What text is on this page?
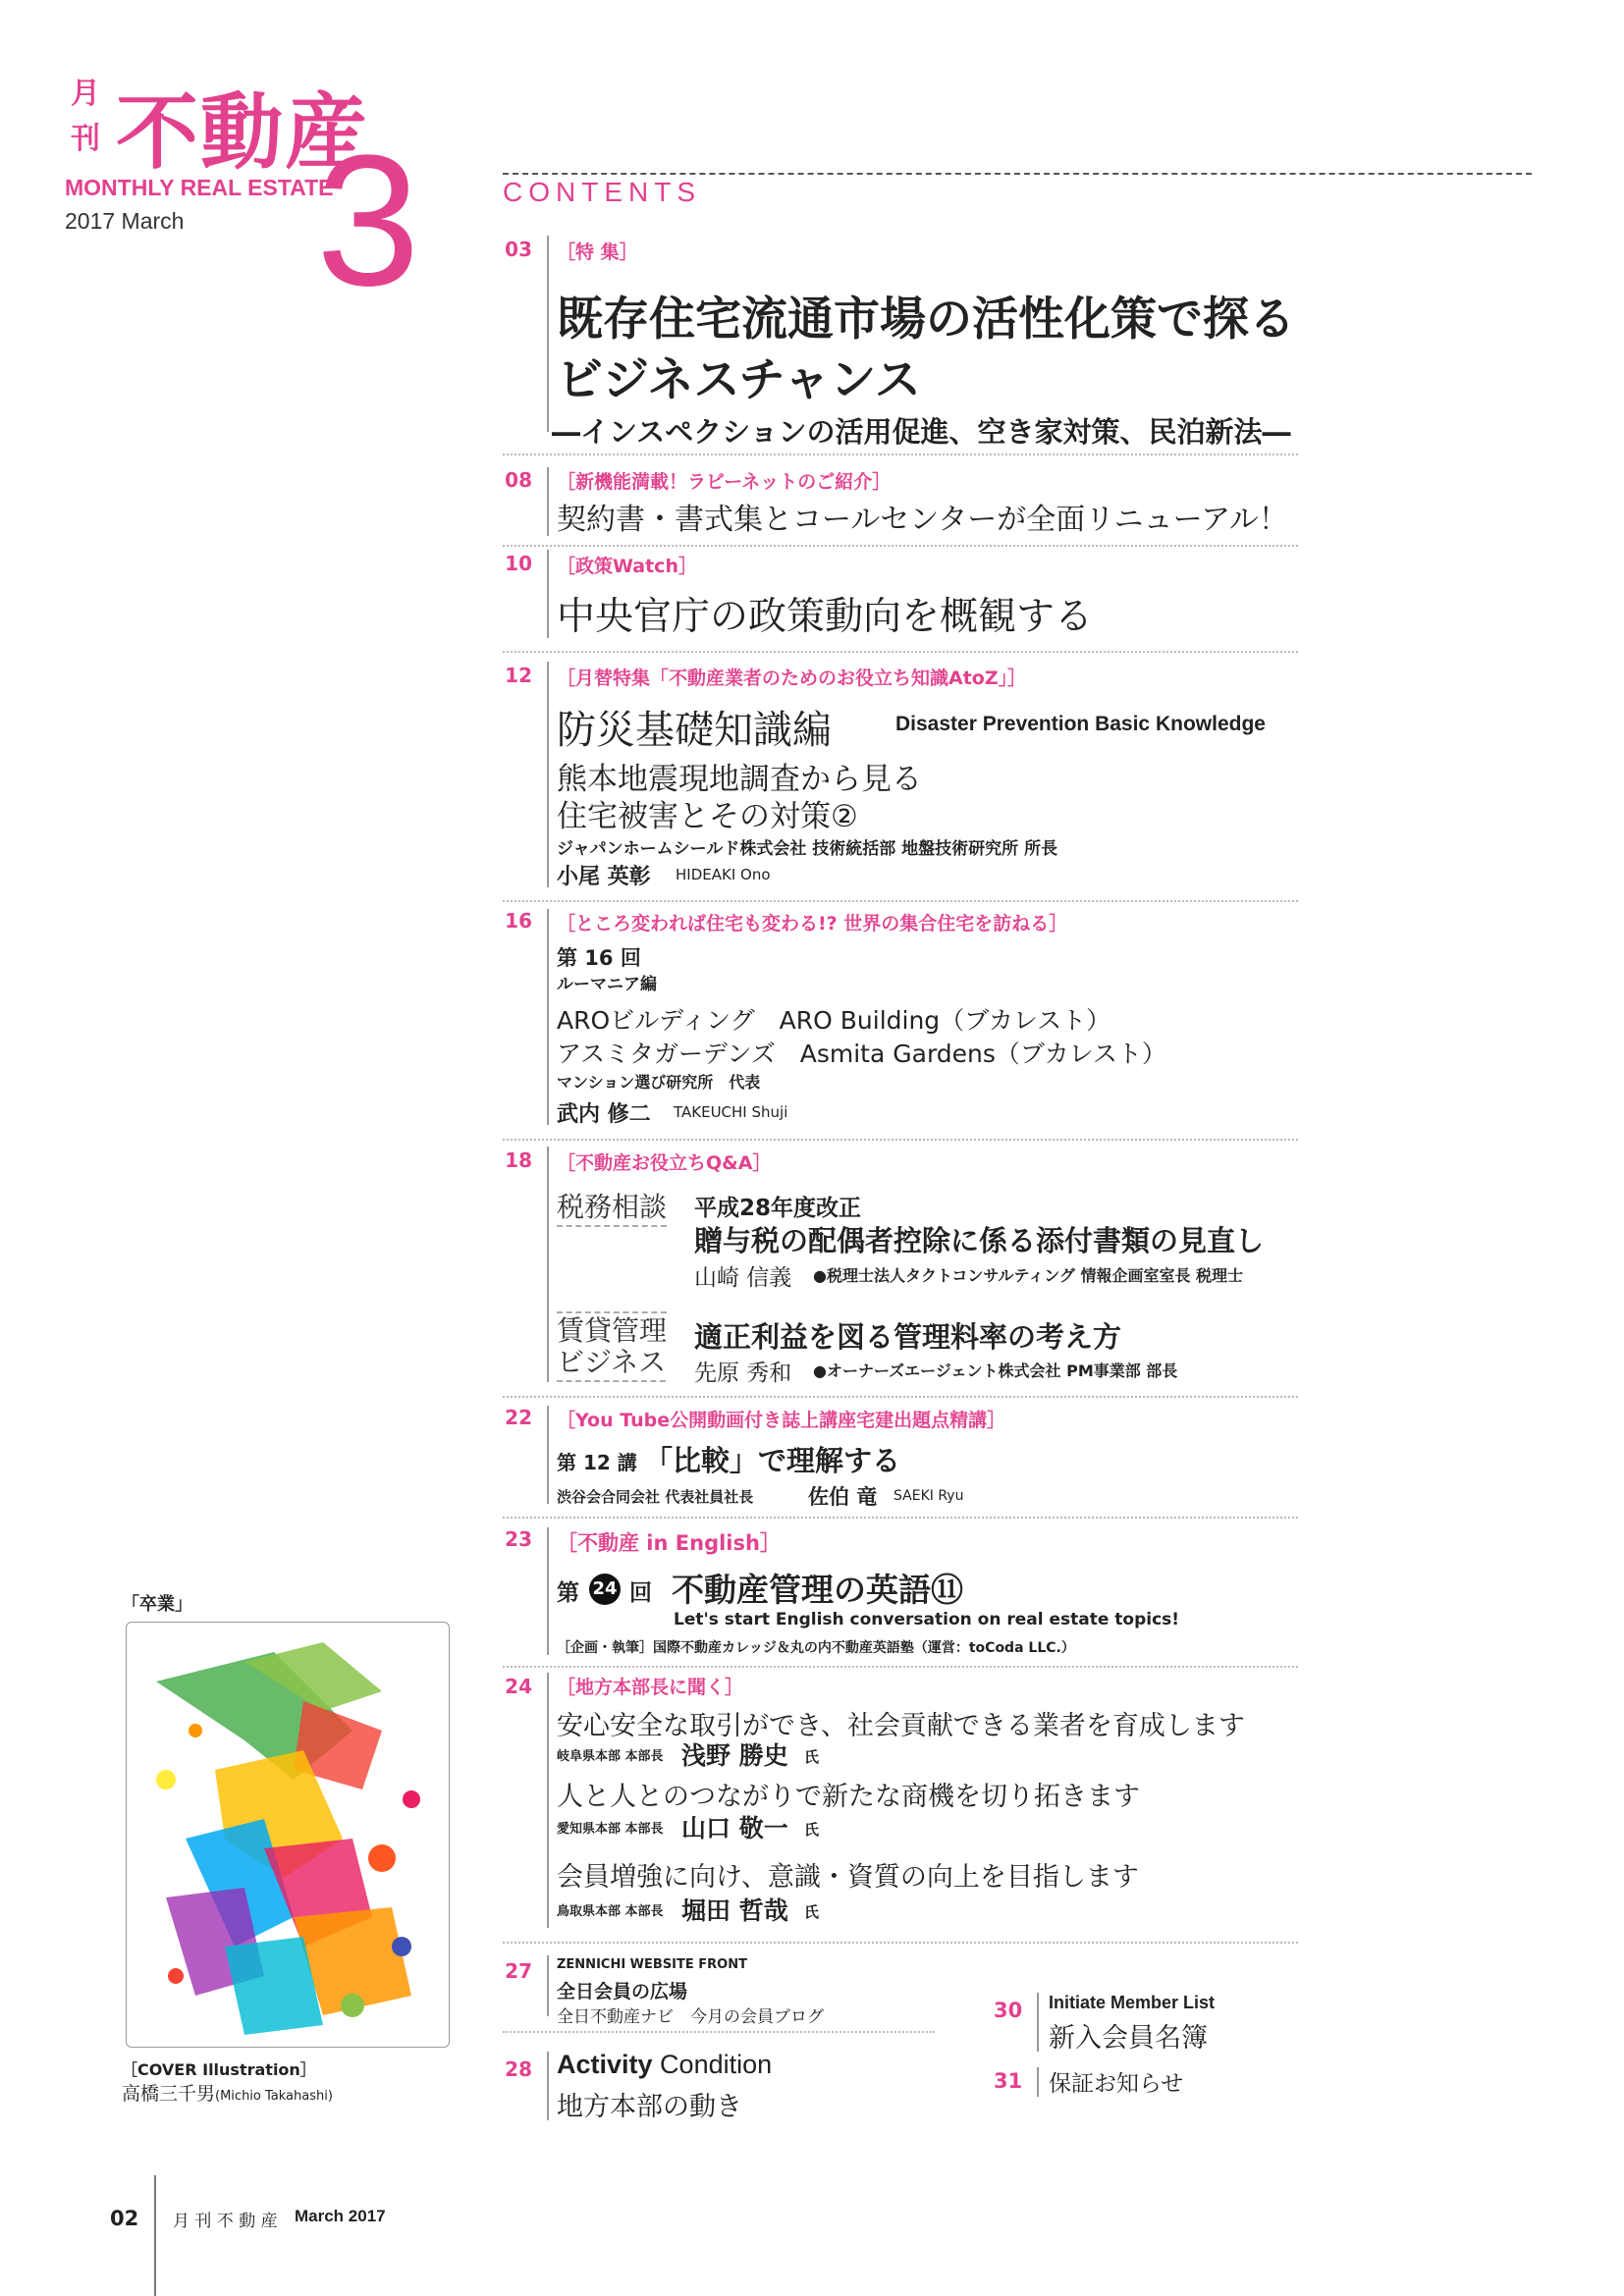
月
刊 不動産
MONTHLY REAL ESTATE
2017 March 3	CONTENTS
03 ［特 集］
既存住宅流通市場の活性化策で探る
ビジネスチャンス
―インスペクションの活用促進、空き家対策、民泊新法―
08 ［新機能満載！ラビーネットのご紹介］
契約書・書式集とコールセンターが全面リニューアル！
10 ［政策Watch］
中央官庁の政策動向を概観する
12 ［月替特集「不動産業者のためのお役立ち知識AtoZ」］
防災基礎知識編	Disaster Prevention Basic Knowledge
熊本地震現地調査から見る
住宅被害とその対策②
ジャパンホームシールド株式会社 技術統括部 地盤技術研究所 所長
小尾 英彰 HIDEAKI Ono
16 ［ところ変われば住宅も変わる!? 世界の集合住宅を訪ねる］
第 16 回
ルーマニア編
AROビルディング　ARO Building（ブカレスト）
アスミタガーデンズ　Asmita Gardens（ブカレスト）
マンション選び研究所　代表
武内 修二 TAKEUCHI Shuji
18 ［不動産お役立ちQ&A］
税務相談 平成28年度改正
贈与税の配偶者控除に係る添付書類の見直し
山崎 信義 ●税理士法人タクトコンサルティング 情報企画室室長 税理士
賃貸管理
ビジネス
適正利益を図る管理料率の考え方
先原 秀和 ●オーナーズエージェント株式会社 PM事業部 部長
22 ［You Tube公開動画付き誌上講座宅建出題点精講］
第 12 講 「比較」で理解する
渋谷会合同会社 代表社員社長	佐伯 竜 SAEKI Ryu
23 ［不動産 in English］
第 24 回 不動産管理の英語⑪
Let's start English conversation on real estate topics!
［企画・執筆］国際不動産カレッジ＆丸の内不動産英語塾（運営：toCoda LLC.）
24 ［地方本部長に聞く］
安心安全な取引ができ、社会貢献できる業者を育成します
岐阜県本部 本部長 浅野 勝史 氏
人と人とのつながりで新たな商機を切り拓きます
愛知県本部 本部長 山口 敬一 氏
会員増強に向け、意識・資質の向上を目指します
鳥取県本部 本部長 堀田 哲哉 氏
27 ZENNICHI WEBSITE FRONT
全日会員の広場
全日不動産ナビ　今月の会員ブログ
28 Activity Condition
地方本部の動き
30 Initiate Member List
新入会員名簿
31 保証お知らせ
「卒業」
［COVER Illustration］
高橋三千男(Michio Takahashi)
02 月 刊 不 動 産 March 2017
